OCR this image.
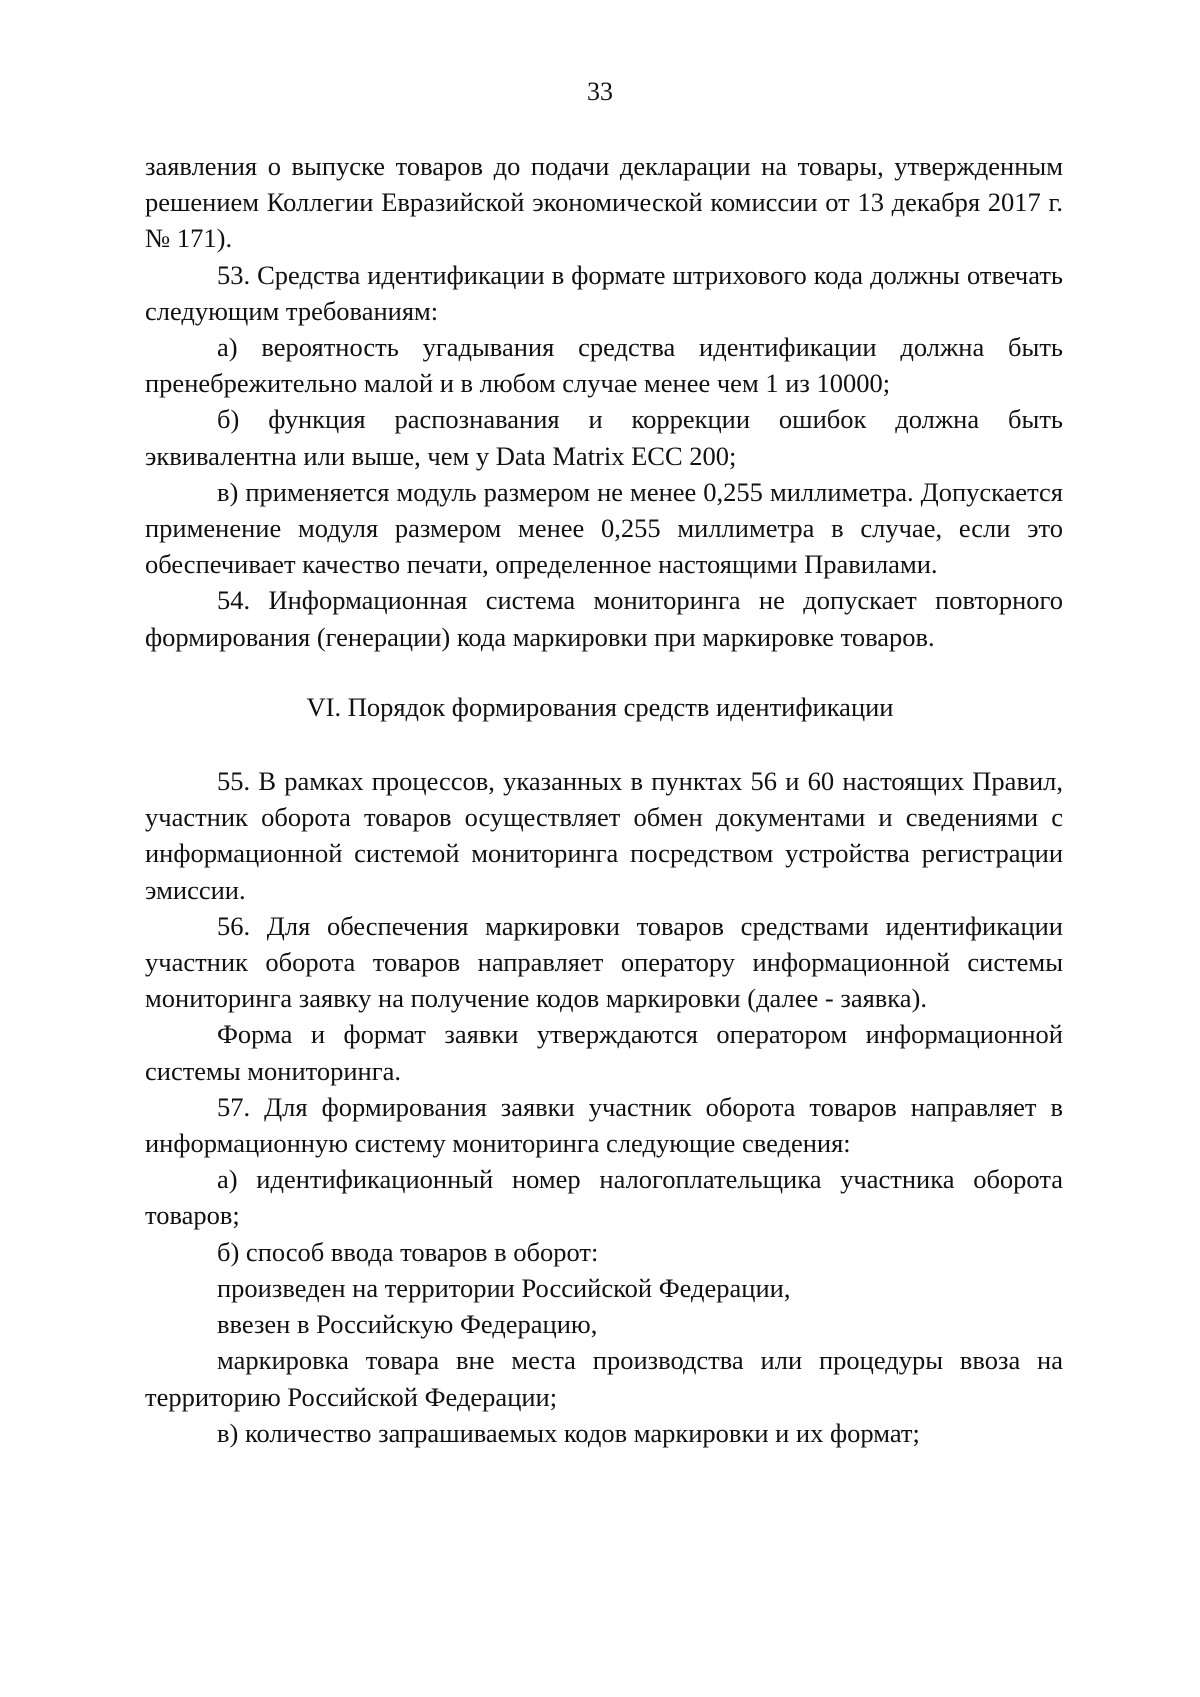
33

заявления о выпуске товаров до подачи декларации на товары, утвержденным решением Коллегии Евразийской экономической комиссии от 13 декабря 2017 г. № 171).

53. Средства идентификации в формате штрихового кода должны отвечать следующим требованиям:

а) вероятность угадывания средства идентификации должна быть пренебрежительно малой и в любом случае менее чем 1 из 10000;

б) функция распознавания и коррекции ошибок должна быть эквивалентна или выше, чем у Data Matrix ECC 200;

в) применяется модуль размером не менее 0,255 миллиметра. Допускается применение модуля размером менее 0,255 миллиметра в случае, если это обеспечивает качество печати, определенное настоящими Правилами.

54. Информационная система мониторинга не допускает повторного формирования (генерации) кода маркировки при маркировке товаров.

VI. Порядок формирования средств идентификации

55. В рамках процессов, указанных в пунктах 56 и 60 настоящих Правил, участник оборота товаров осуществляет обмен документами и сведениями с информационной системой мониторинга посредством устройства регистрации эмиссии.

56. Для обеспечения маркировки товаров средствами идентификации участник оборота товаров направляет оператору информационной системы мониторинга заявку на получение кодов маркировки (далее - заявка).

Форма и формат заявки утверждаются оператором информационной системы мониторинга.

57. Для формирования заявки участник оборота товаров направляет в информационную систему мониторинга следующие сведения:

а) идентификационный номер налогоплательщика участника оборота товаров;

б) способ ввода товаров в оборот:

произведен на территории Российской Федерации,

ввезен в Российскую Федерацию,

маркировка товара вне места производства или процедуры ввоза на территорию Российской Федерации;

в) количество запрашиваемых кодов маркировки и их формат;
